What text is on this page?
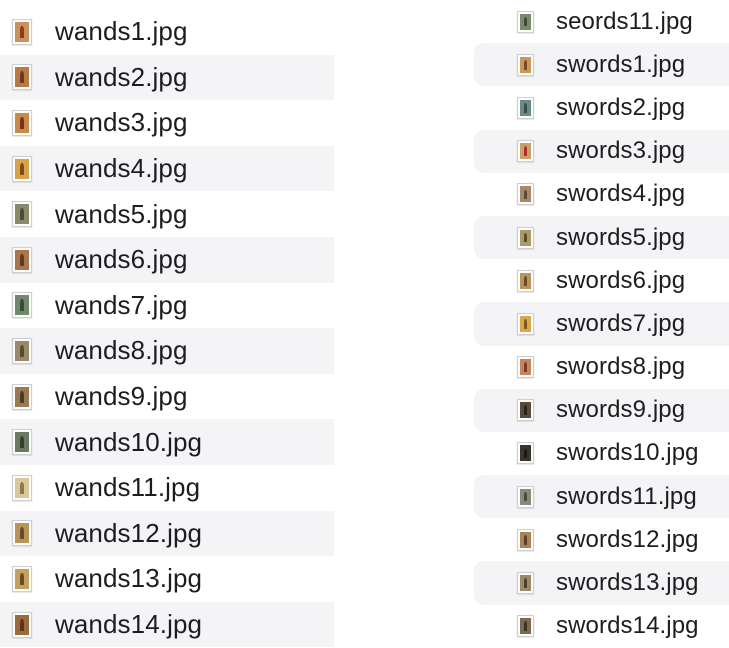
wands1.jpg
wands2.jpg
wands3.jpg
wands4.jpg
wands5.jpg
wands6.jpg
wands7.jpg
wands8.jpg
wands9.jpg
wands10.jpg
wands11.jpg
wands12.jpg
wands13.jpg
wands14.jpg
seords11.jpg
swords1.jpg
swords2.jpg
swords3.jpg
swords4.jpg
swords5.jpg
swords6.jpg
swords7.jpg
swords8.jpg
swords9.jpg
swords10.jpg
swords11.jpg
swords12.jpg
swords13.jpg
swords14.jpg
